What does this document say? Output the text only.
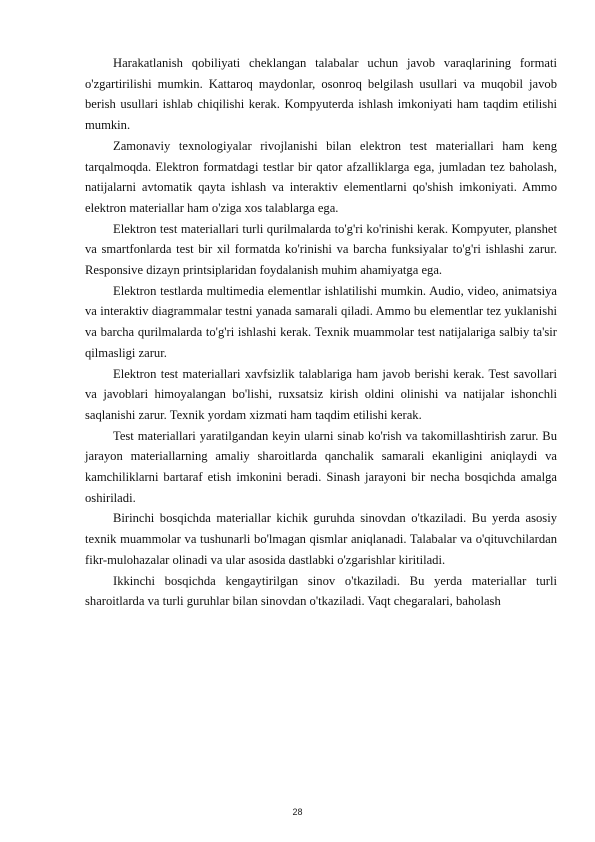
Harakatlanish qobiliyati cheklangan talabalar uchun javob varaqlarining formati o'zgartirilishi mumkin. Kattaroq maydonlar, osonroq belgilash usullari va muqobil javob berish usullari ishlab chiqilishi kerak. Kompyuterda ishlash imkoniyati ham taqdim etilishi mumkin.

Zamonaviy texnologiyalar rivojlanishi bilan elektron test materiallari ham keng tarqalmoqda. Elektron formatdagi testlar bir qator afzalliklarga ega, jumladan tez baholash, natijalarni avtomatik qayta ishlash va interaktiv elementlarni qo'shish imkoniyati. Ammo elektron materiallar ham o'ziga xos talablarga ega.

Elektron test materiallari turli qurilmalarda to'g'ri ko'rinishi kerak. Kompyuter, planshet va smartfonlarda test bir xil formatda ko'rinishi va barcha funksiyalar to'g'ri ishlashi zarur. Responsive dizayn printsiplaridan foydalanish muhim ahamiyatga ega.

Elektron testlarda multimedia elementlar ishlatilishi mumkin. Audio, video, animatsiya va interaktiv diagrammalar testni yanada samarali qiladi. Ammo bu elementlar tez yuklanishi va barcha qurilmalarda to'g'ri ishlashi kerak. Texnik muammolar test natijalariga salbiy ta'sir qilmasligi zarur.

Elektron test materiallari xavfsizlik talablariga ham javob berishi kerak. Test savollari va javoblari himoyalangan bo'lishi, ruxsatsiz kirish oldini olinishi va natijalar ishonchli saqlanishi zarur. Texnik yordam xizmati ham taqdim etilishi kerak.

Test materiallari yaratilgandan keyin ularni sinab ko'rish va takomillashtirish zarur. Bu jarayon materiallarning amaliy sharoitlarda qanchalik samarali ekanligini aniqlaydi va kamchiliklarni bartaraf etish imkonini beradi. Sinash jarayoni bir necha bosqichda amalga oshiriladi.

Birinchi bosqichda materiallar kichik guruhda sinovdan o'tkaziladi. Bu yerda asosiy texnik muammolar va tushunarli bo'lmagan qismlar aniqlanadi. Talabalar va o'qituvchilardan fikr-mulohazalar olinadi va ular asosida dastlabki o'zgarishlar kiritiladi.

Ikkinchi bosqichda kengaytirilgan sinov o'tkaziladi. Bu yerda materiallar turli sharoitlarda va turli guruhlar bilan sinovdan o'tkaziladi. Vaqt chegaralari, baholash

28
